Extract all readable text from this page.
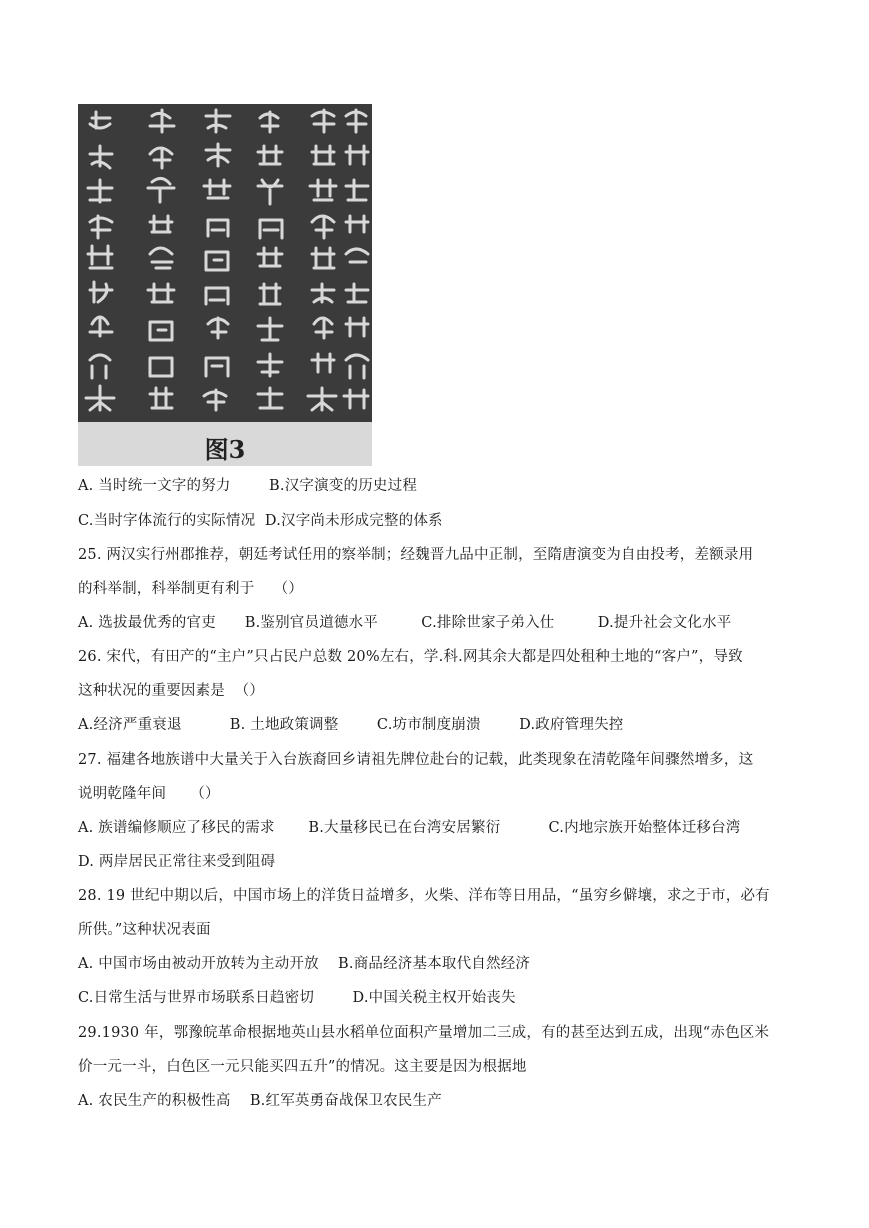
图3
A. 当时统一文字的努力        B.汉字演变的历史过程
C.当时字体流行的实际情况  D.汉字尚未形成完整的体系
25. 两汉实行州郡推荐，朝廷考试任用的察举制；经魏晋九品中正制，至隋唐演变为自由投考，差额录用
的科举制，科举制更有利于    （）
A. 选拔最优秀的官吏      B.鉴别官员道德水平         C.排除世家子弟入仕         D.提升社会文化水平
26. 宋代，有田产的“主户”只占民户总数 20%左右，学.科.网其余大都是四处租种土地的“客户”，导致
这种状况的重要因素是  （）
A.经济严重衰退          B. 土地政策调整        C.坊市制度崩溃        D.政府管理失控
27. 福建各地族谱中大量关于入台族裔回乡请祖先牌位赴台的记载，此类现象在清乾隆年间骤然增多，这
说明乾隆年间     （）
A. 族谱编修顺应了移民的需求       B.大量移民已在台湾安居繁衍          C.内地宗族开始整体迁移台湾
D. 两岸居民正常往来受到阻碍
28. 19 世纪中期以后，中国市场上的洋货日益增多，火柴、洋布等日用品，“虽穷乡僻壤，求之于市，必有
所供。”这种状况表面
A. 中国市场由被动开放转为主动开放    B.商品经济基本取代自然经济
C.日常生活与世界市场联系日趋密切        D.中国关税主权开始丧失
29.1930 年，鄂豫皖革命根据地英山县水稻单位面积产量增加二三成，有的甚至达到五成，出现“赤色区米
价一元一斗，白色区一元只能买四五升”的情况。这主要是因为根据地
A. 农民生产的积极性高    B.红军英勇奋战保卫农民生产
